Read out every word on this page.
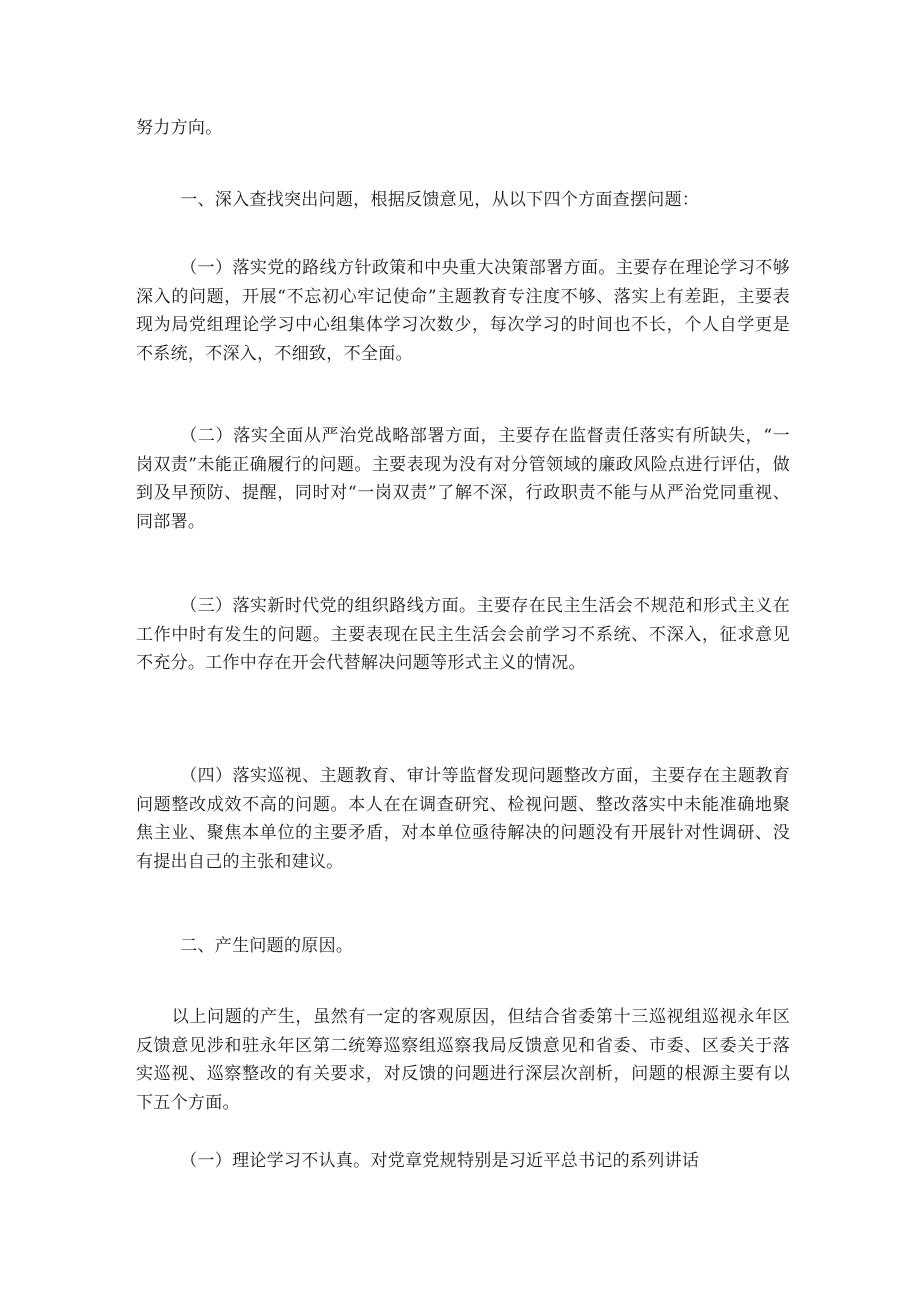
努力方向。

一、深入查找突出问题，根据反馈意见，从以下四个方面查摆问题：

（一）落实党的路线方针政策和中央重大决策部署方面。主要存在理论学习不够深入的问题，开展“不忘初心牢记使命”主题教育专注度不够、落实上有差距，主要表现为局党组理论学习中心组集体学习次数少，每次学习的时间也不长，个人自学更是不系统，不深入，不细致，不全面。

（二）落实全面从严治党战略部署方面，主要存在监督责任落实有所缺失，“一岗双责”未能正确履行的问题。主要表现为没有对分管领域的廉政风险点进行评估，做到及早预防、提醒，同时对“一岗双责”了解不深，行政职责不能与从严治党同重视、同部署。

（三）落实新时代党的组织路线方面。主要存在民主生活会不规范和形式主义在工作中时有发生的问题。主要表现在民主生活会会前学习不系统、不深入，征求意见不充分。工作中存在开会代替解决问题等形式主义的情况。

（四）落实巡视、主题教育、审计等监督发现问题整改方面，主要存在主题教育问题整改成效不高的问题。本人在在调查研究、检视问题、整改落实中未能准确地聚焦主业、聚焦本单位的主要矛盾，对本单位亟待解决的问题没有开展针对性调研、没有提出自己的主张和建议。

二、产生问题的原因。

以上问题的产生，虽然有一定的客观原因，但结合省委第十三巡视组巡视永年区反馈意见涉和驻永年区第二统筹巡察组巡察我局反馈意见和省委、市委、区委关于落实巡视、巡察整改的有关要求，对反馈的问题进行深层次剖析，问题的根源主要有以下五个方面。

（一）理论学习不认真。对党章党规特别是习近平总书记的系列讲话
